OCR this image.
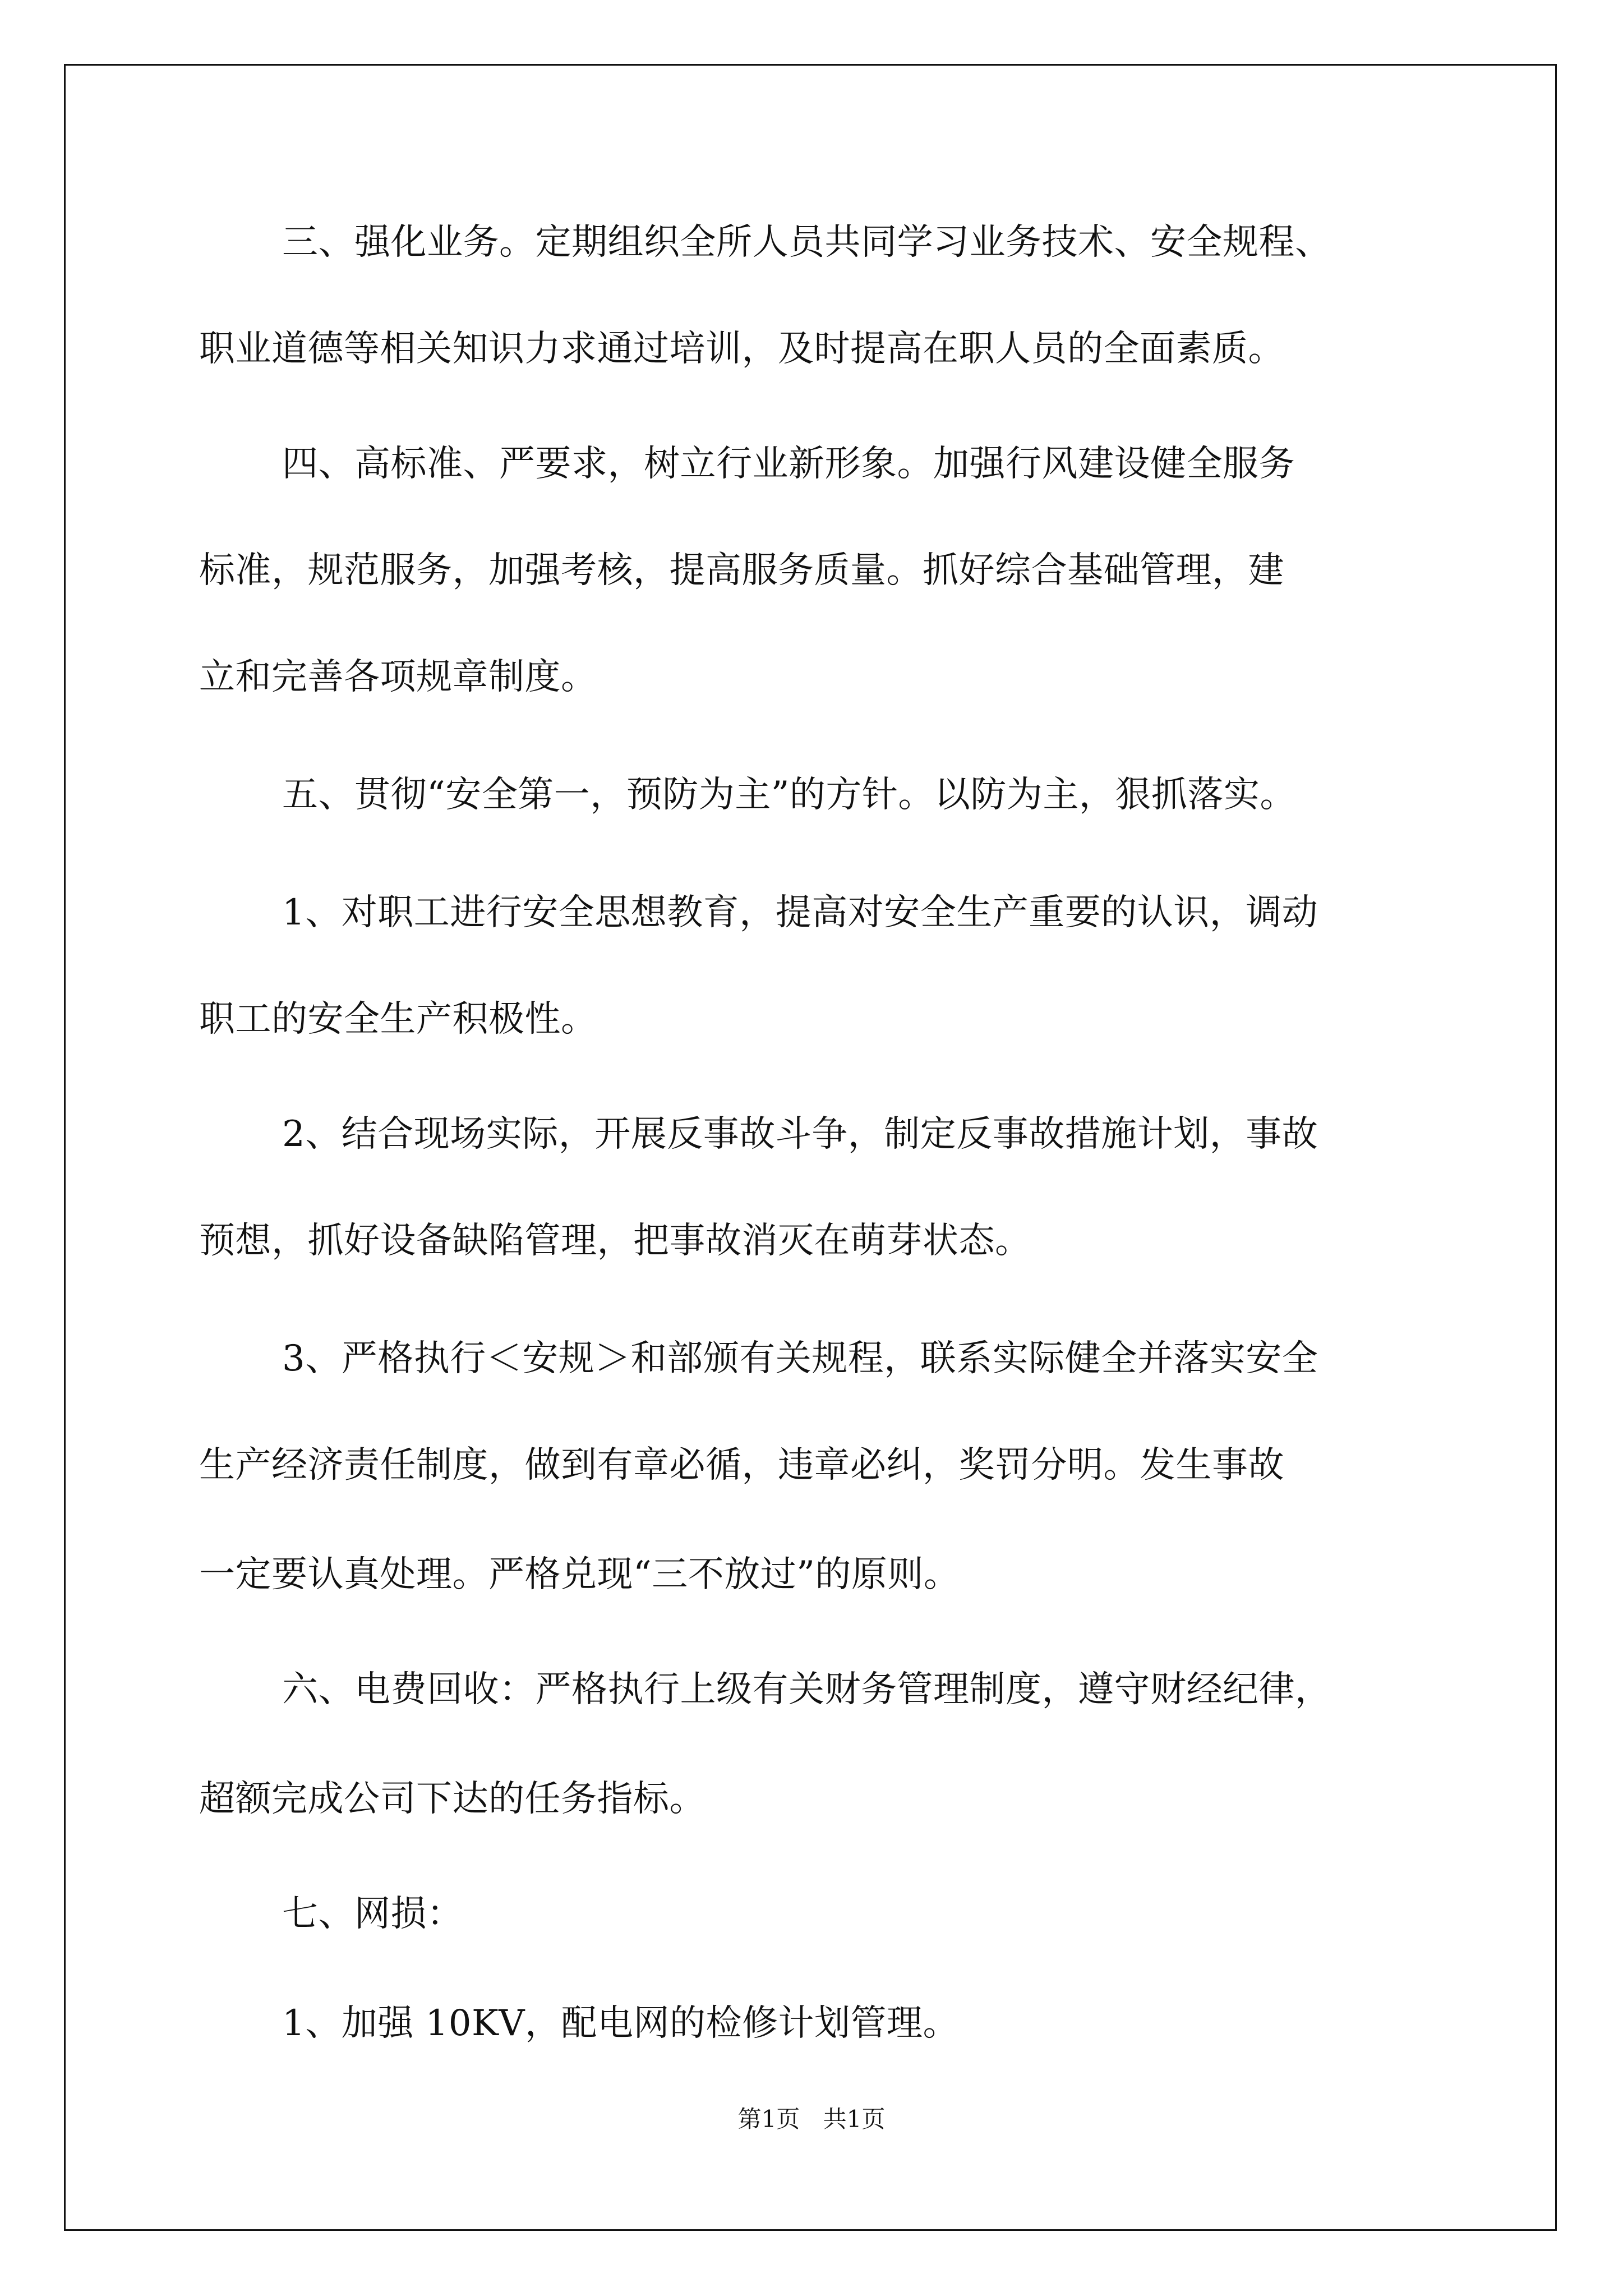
三、强化业务。定期组织全所人员共同学习业务技术、安全规程、
职业道德等相关知识力求通过培训，及时提高在职人员的全面素质。
四、高标准、严要求，树立行业新形象。加强行风建设健全服务
标准，规范服务，加强考核，提高服务质量。抓好综合基础管理，建
立和完善各项规章制度。
五、贯彻“安全第一，预防为主”的方针。以防为主，狠抓落实。
1、对职工进行安全思想教育，提高对安全生产重要的认识，调动
职工的安全生产积极性。
2、结合现场实际，开展反事故斗争，制定反事故措施计划，事故
预想，抓好设备缺陷管理，把事故消灭在萌芽状态。
3、严格执行＜安规＞和部颁有关规程，联系实际健全并落实安全
生产经济责任制度，做到有章必循，违章必纠，奖罚分明。发生事故
一定要认真处理。严格兑现“三不放过”的原则。
六、电费回收：严格执行上级有关财务管理制度，遵守财经纪律，
超额完成公司下达的任务指标。
七、网损：
1、加强 10KV，配电网的检修计划管理。
第1页 共1页
